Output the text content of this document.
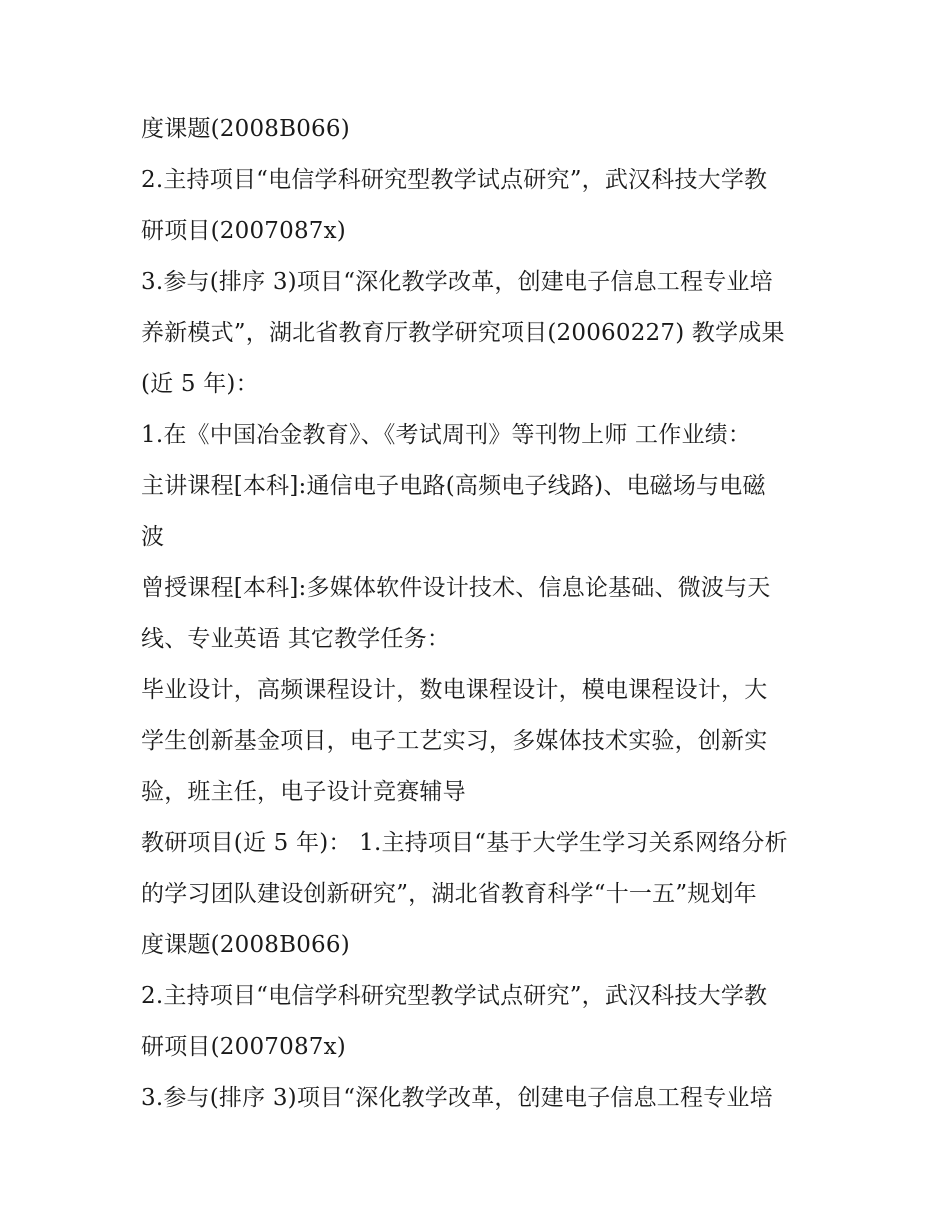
度课题(2008B066)
2.主持项目“电信学科研究型教学试点研究”，武汉科技大学教
研项目(2007087x)
3.参与(排序 3)项目“深化教学改革，创建电子信息工程专业培
养新模式”，湖北省教育厅教学研究项目(20060227) 教学成果
(近 5 年)：
1.在《中国冶金教育》、《考试周刊》等刊物上师 工作业绩：
主讲课程[本科]:通信电子电路(高频电子线路)、电磁场与电磁
波
曾授课程[本科]:多媒体软件设计技术、信息论基础、微波与天
线、专业英语 其它教学任务：
毕业设计，高频课程设计，数电课程设计，模电课程设计，大
学生创新基金项目，电子工艺实习，多媒体技术实验，创新实
验，班主任，电子设计竞赛辅导
教研项目(近 5 年)： 1.主持项目“基于大学生学习关系网络分析
的学习团队建设创新研究”，湖北省教育科学“十一五”规划年
度课题(2008B066)
2.主持项目“电信学科研究型教学试点研究”，武汉科技大学教
研项目(2007087x)
3.参与(排序 3)项目“深化教学改革，创建电子信息工程专业培
